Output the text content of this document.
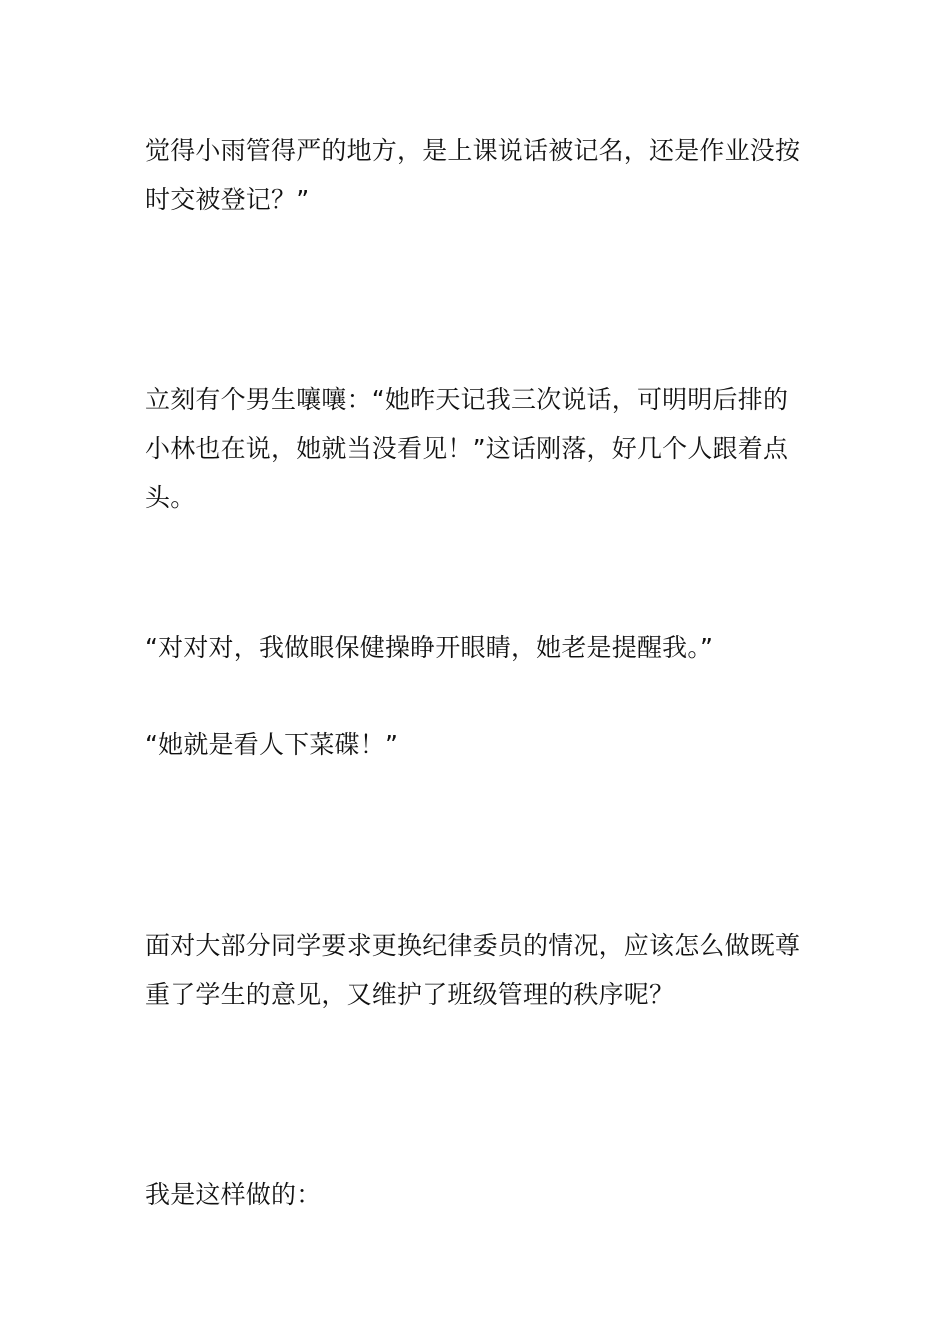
觉得小雨管得严的地方，是上课说话被记名，还是作业没按时交被登记？”

立刻有个男生嚷嚷：“她昨天记我三次说话，可明明后排的小林也在说，她就当没看见！”这话刚落，好几个人跟着点头。

“对对对，我做眼保健操睁开眼睛，她老是提醒我。”

“她就是看人下菜碟！”

面对大部分同学要求更换纪律委员的情况，应该怎么做既尊重了学生的意见，又维护了班级管理的秩序呢？

我是这样做的：
